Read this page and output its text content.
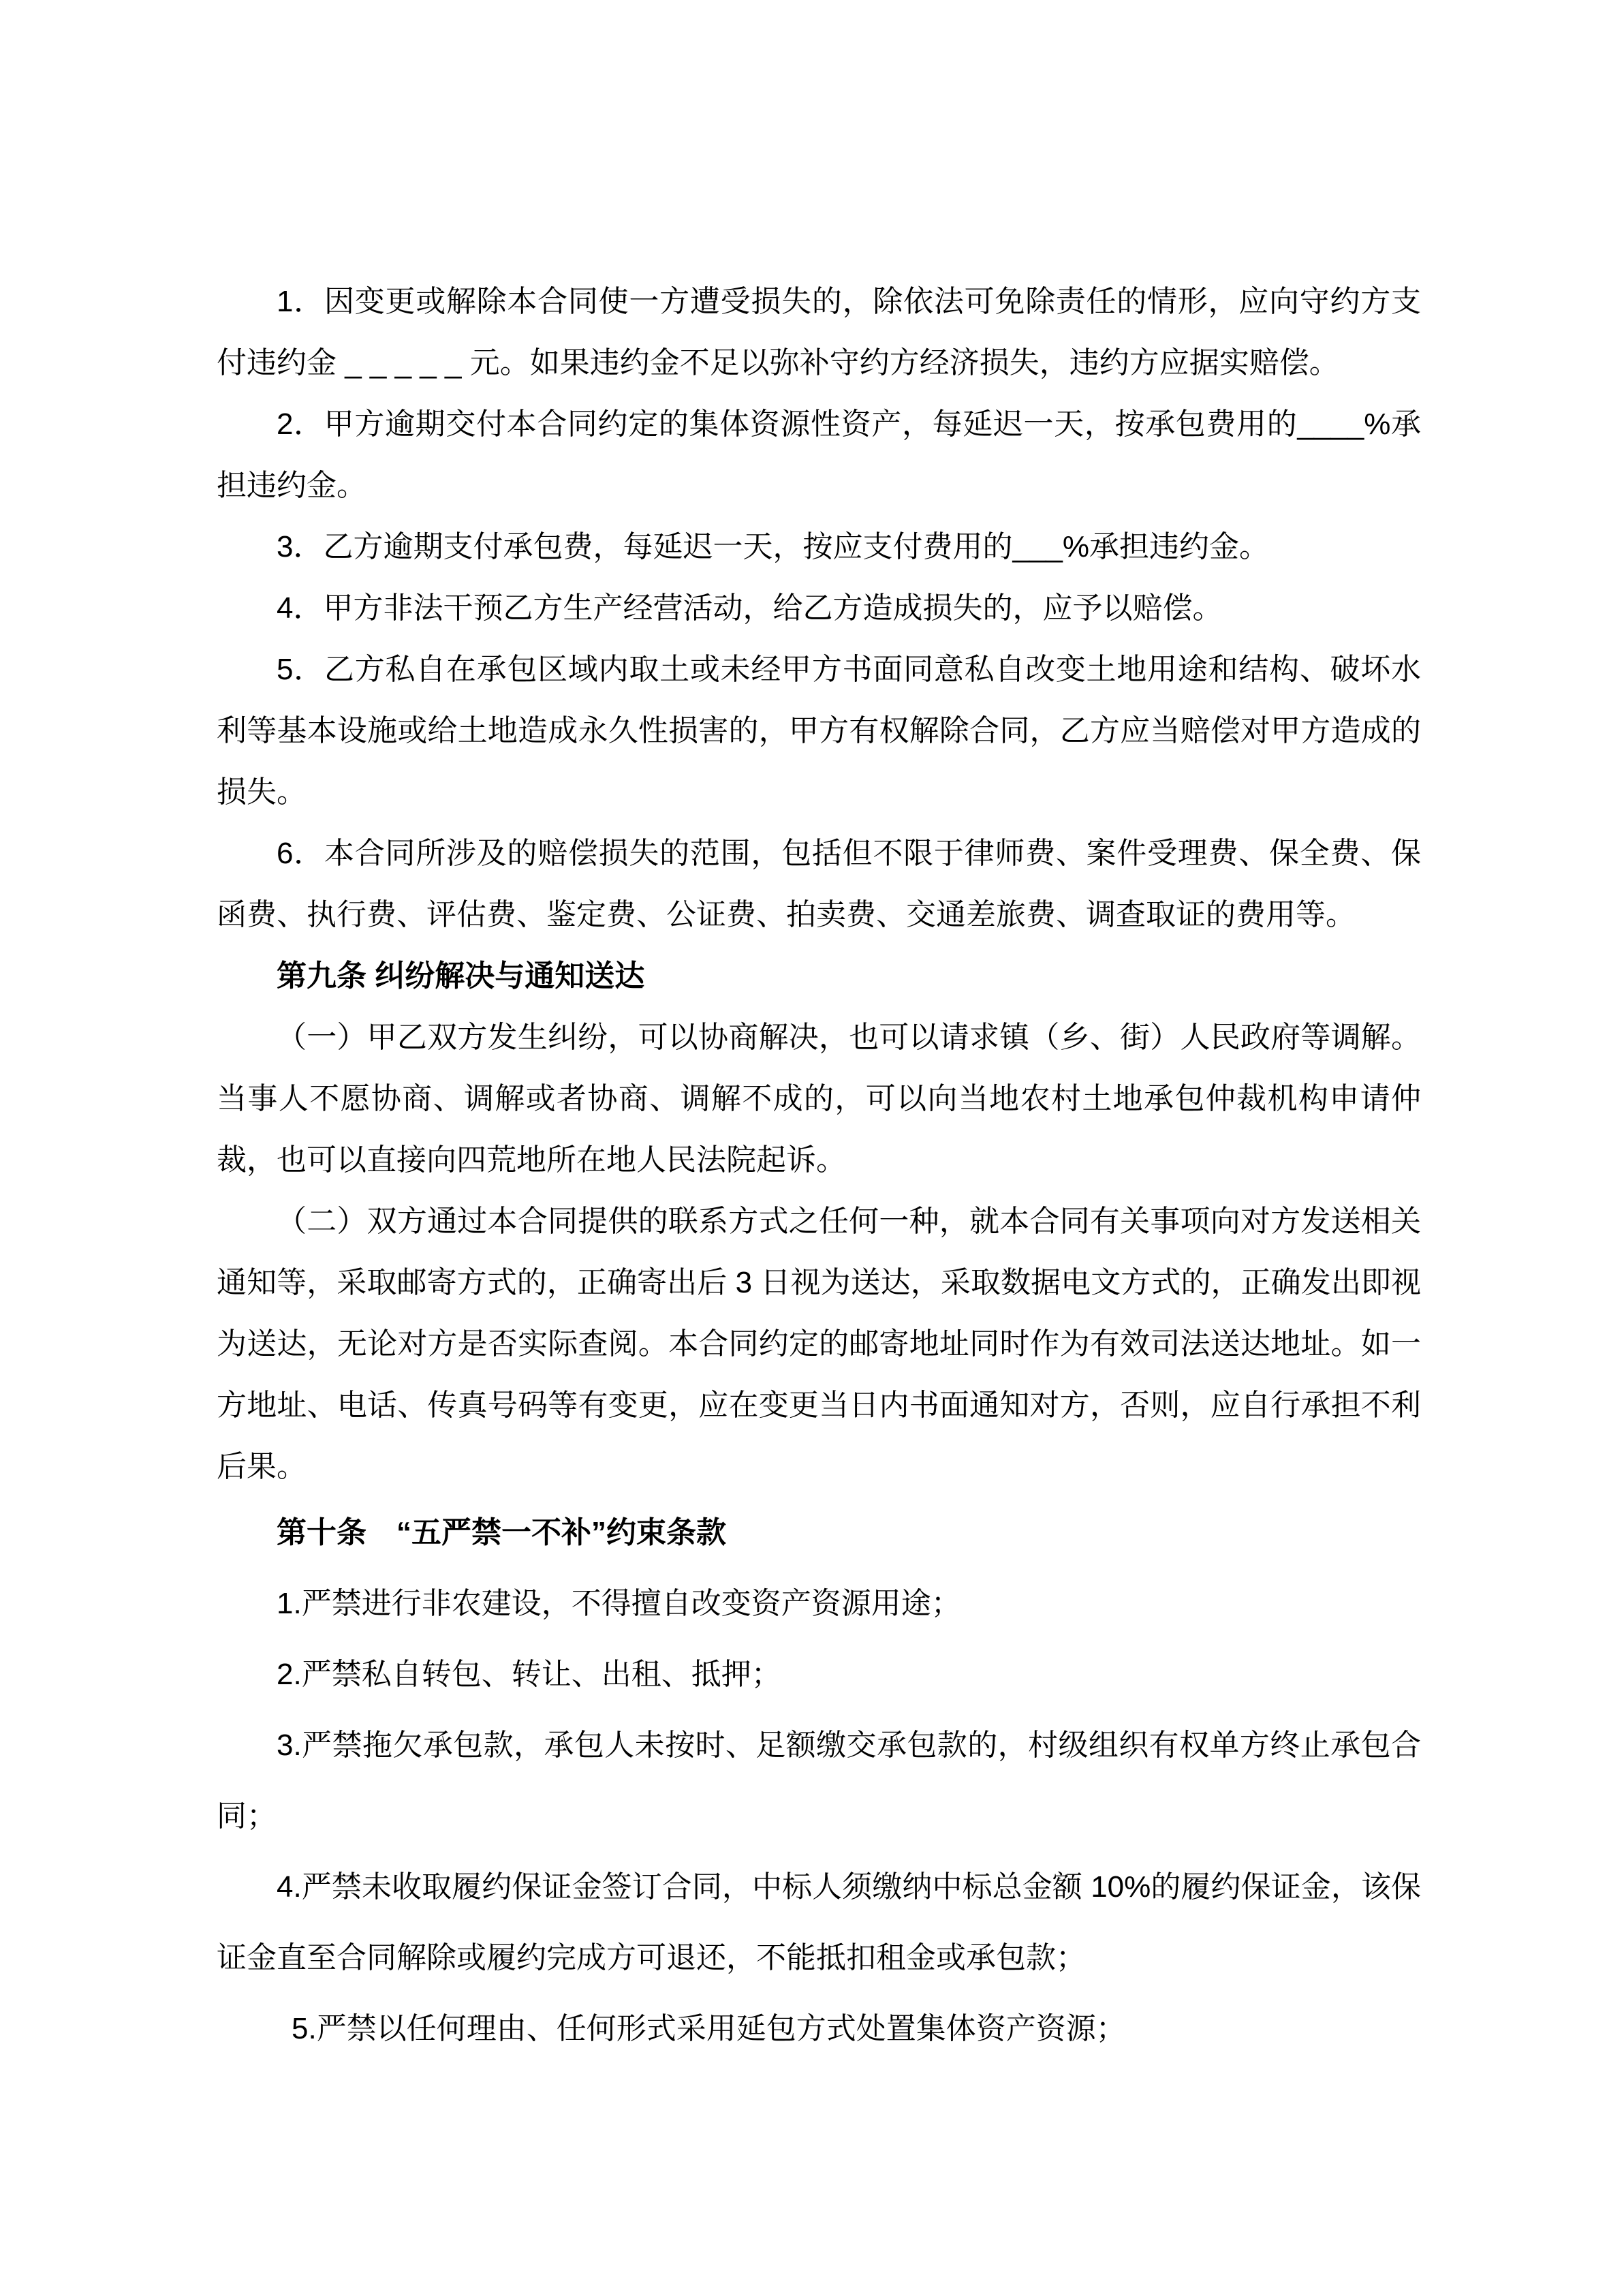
1．因变更或解除本合同使一方遭受损失的，除依法可免除责任的情形，应向守约方支付违约金 _ _ _ _ _ 元。如果违约金不足以弥补守约方经济损失，违约方应据实赔偿。

2．甲方逾期交付本合同约定的集体资源性资产，每延迟一天，按承包费用的____%承担违约金。

3．乙方逾期支付承包费，每延迟一天，按应支付费用的___%承担违约金。

4．甲方非法干预乙方生产经营活动，给乙方造成损失的，应予以赔偿。

5．乙方私自在承包区域内取土或未经甲方书面同意私自改变土地用途和结构、破坏水利等基本设施或给土地造成永久性损害的，甲方有权解除合同，乙方应当赔偿对甲方造成的损失。

6．本合同所涉及的赔偿损失的范围，包括但不限于律师费、案件受理费、保全费、保函费、执行费、评估费、鉴定费、公证费、拍卖费、交通差旅费、调查取证的费用等。

第九条 纠纷解决与通知送达

（一）甲乙双方发生纠纷，可以协商解决，也可以请求镇（乡、街）人民政府等调解。当事人不愿协商、调解或者协商、调解不成的，可以向当地农村土地承包仲裁机构申请仲裁，也可以直接向四荒地所在地人民法院起诉。

（二）双方通过本合同提供的联系方式之任何一种，就本合同有关事项向对方发送相关通知等，采取邮寄方式的，正确寄出后 3 日视为送达，采取数据电文方式的，正确发出即视为送达，无论对方是否实际查阅。本合同约定的邮寄地址同时作为有效司法送达地址。如一方地址、电话、传真号码等有变更，应在变更当日内书面通知对方，否则，应自行承担不利后果。

第十条　“五严禁一不补”约束条款

1.严禁进行非农建设，不得擅自改变资产资源用途；

2.严禁私自转包、转让、出租、抵押；

3.严禁拖欠承包款，承包人未按时、足额缴交承包款的，村级组织有权单方终止承包合同；

4.严禁未收取履约保证金签订合同，中标人须缴纳中标总金额 10%的履约保证金，该保证金直至合同解除或履约完成方可退还，不能抵扣租金或承包款；

5.严禁以任何理由、任何形式采用延包方式处置集体资产资源；
